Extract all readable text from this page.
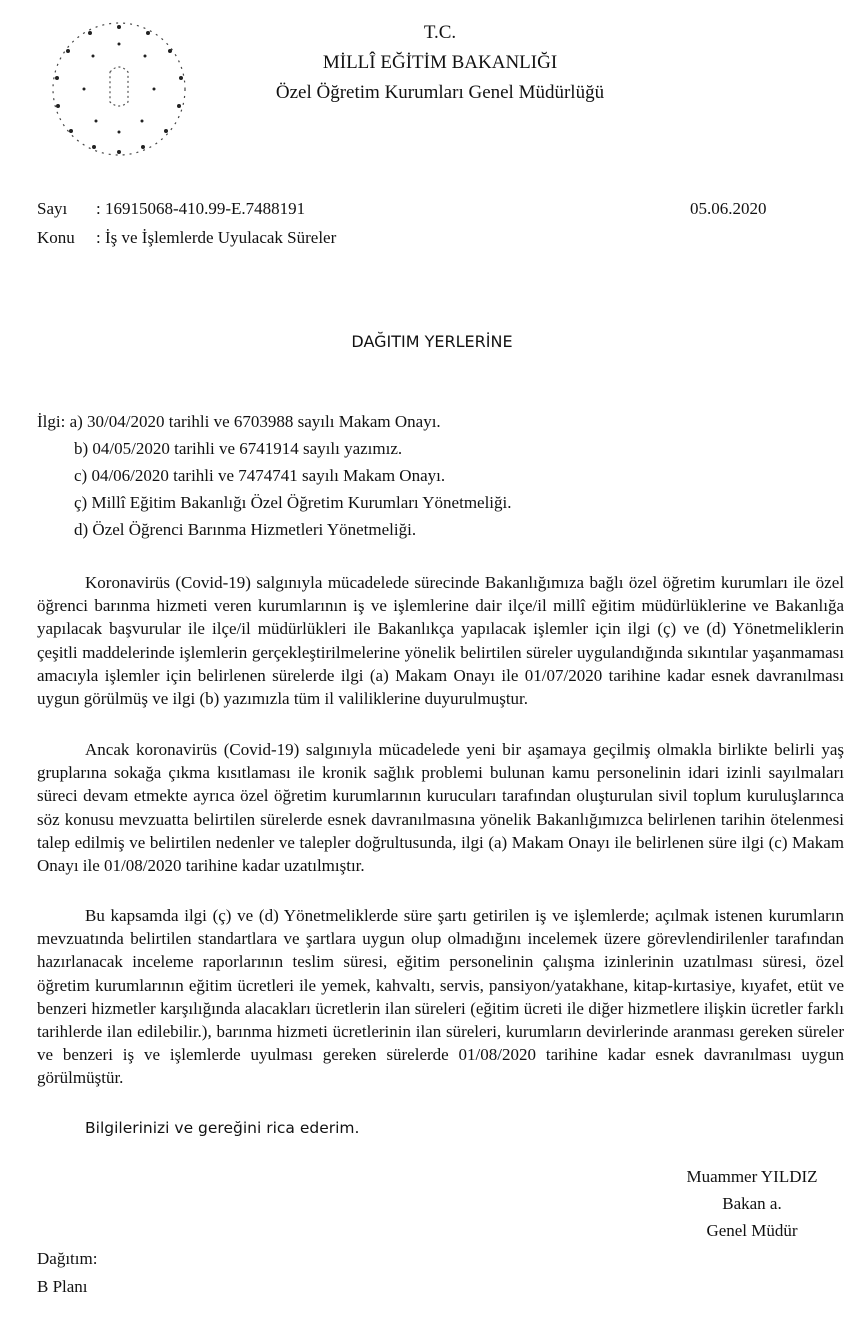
T.C.
MİLLÎ EĞİTİM BAKANLIĞI
Özel Öğretim Kurumları Genel Müdürlüğü
Sayı : 16915068-410.99-E.7488191	05.06.2020
Konu : İş ve İşlemlerde Uyulacak Süreler
DAĞITIM YERLERİNE
İlgi: a) 30/04/2020 tarihli ve 6703988 sayılı Makam Onayı.
b) 04/05/2020 tarihli ve 6741914 sayılı yazımız.
c) 04/06/2020 tarihli ve 7474741 sayılı Makam Onayı.
ç) Millî Eğitim Bakanlığı Özel Öğretim Kurumları Yönetmeliği.
d) Özel Öğrenci Barınma Hizmetleri Yönetmeliği.
Koronavirüs (Covid-19) salgınıyla mücadelede sürecinde Bakanlığımıza bağlı özel öğretim kurumları ile özel öğrenci barınma hizmeti veren kurumlarının iş ve işlemlerine dair ilçe/il millî eğitim müdürlüklerine ve Bakanlığa yapılacak başvurular ile ilçe/il müdürlükleri ile Bakanlıkça yapılacak işlemler için ilgi (ç) ve (d) Yönetmeliklerin çeşitli maddelerinde işlemlerin gerçekleştirilmelerine yönelik belirtilen süreler uygulandığında sıkıntılar yaşanmaması amacıyla işlemler için belirlenen sürelerde ilgi (a) Makam Onayı ile 01/07/2020 tarihine kadar esnek davranılması uygun görülmüş ve ilgi (b) yazımızla tüm il valiliklerine duyurulmuştur.
Ancak koronavirüs (Covid-19) salgınıyla mücadelede yeni bir aşamaya geçilmiş olmakla birlikte belirli yaş gruplarına sokağa çıkma kısıtlaması ile kronik sağlık problemi bulunan kamu personelinin idari izinli sayılmaları süreci devam etmekte ayrıca özel öğretim kurumlarının kurucuları tarafından oluşturulan sivil toplum kuruluşlarınca söz konusu mevzuatta belirtilen sürelerde esnek davranılmasına yönelik Bakanlığımızca belirlenen tarihin ötelenmesi talep edilmiş ve belirtilen nedenler ve talepler doğrultusunda, ilgi (a) Makam Onayı ile belirlenen süre ilgi (c) Makam Onayı ile 01/08/2020 tarihine kadar uzatılmıştır.
Bu kapsamda ilgi (ç) ve (d) Yönetmeliklerde süre şartı getirilen iş ve işlemlerde; açılmak istenen kurumların mevzuatında belirtilen standartlara ve şartlara uygun olup olmadığını incelemek üzere görevlendirilenler tarafından hazırlanacak inceleme raporlarının teslim süresi, eğitim personelinin çalışma izinlerinin uzatılması süresi, özel öğretim kurumlarının eğitim ücretleri ile yemek, kahvaltı, servis, pansiyon/yatakhane, kitap-kırtasiye, kıyafet, etüt ve benzeri hizmetler karşılığında alacakları ücretlerin ilan süreleri (eğitim ücreti ile diğer hizmetlere ilişkin ücretler farklı tarihlerde ilan edilebilir.), barınma hizmeti ücretlerinin ilan süreleri, kurumların devirlerinde aranması gereken süreler ve benzeri iş ve işlemlerde uyulması gereken sürelerde 01/08/2020 tarihine kadar esnek davranılması uygun görülmüştür.
Bilgilerinizi ve gereğini rica ederim.
Muammer YILDIZ
Bakan a.
Genel Müdür
Dağıtım:
B Planı
